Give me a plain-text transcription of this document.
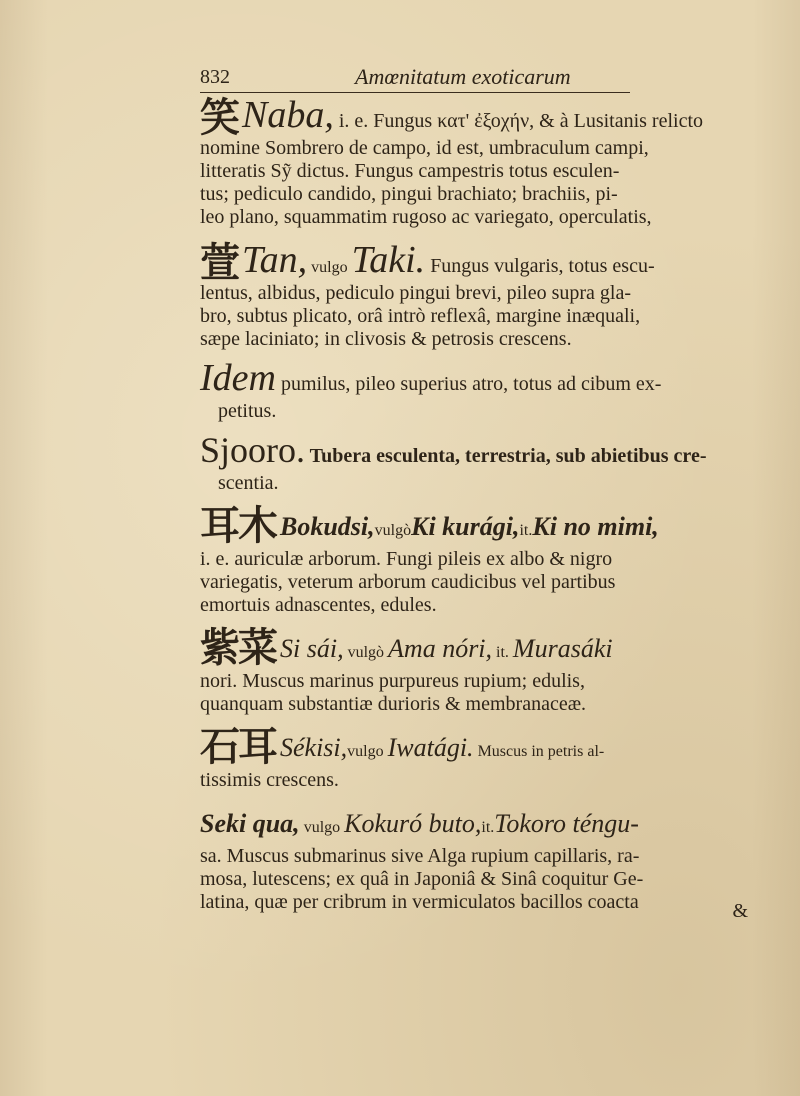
832	Amœnitatum exoticarum
笑 Naba, i. e. Fungus κατ' ἐξοχήν, & à Lusitanis relicto
nomine Sombrero de campo, id est, umbraculum campi,
litteratis Sỹ dictus. Fungus campestris totus esculen-
tus; pediculo candido, pingui brachiato; brachiis, pi-
leo plano, squammatim rugoso ac variegato, operculatis,
萱 Tan, vulgo Taki. Fungus vulgaris, totus escu-
lentus, albidus, pediculo pingui brevi, pileo supra gla-
bro, subtus plicato, orâ intrò reflexâ, margine inæquali,
sæpe laciniato; in clivosis & petrosis crescens.
Idem pumilus, pileo superius atro, totus ad cibum ex-
petitus.
Sjooro. Tubera esculenta, terrestria, sub abietibus cre-
scentia.
耳木 Bokudsi,vulgòKi kurági,it.Ki no mimi,
i. e. auriculæ arborum. Fungi pileis ex albo & nigro
variegatis, veterum arborum caudicibus vel partibus
emortuis adnascentes, edules.
紫菜 Si sái, vulgò Ama nóri, it. Murasáki
nori. Muscus marinus purpureus rupium; edulis,
quanquam substantiæ durioris & membranaceæ.
石耳 Sékisi,vulgo Iwatági. Muscus in petris al-
tissimis crescens.
Seki qua, vulgo Kokuró buto,it.Tokoro téngu-
sa. Muscus submarinus sive Alga rupium capillaris, ra-
mosa, lutescens; ex quâ in Japoniâ & Sinâ coquitur Ge-
latina, quæ per cribrum in vermiculatos bacillos coacta	&
